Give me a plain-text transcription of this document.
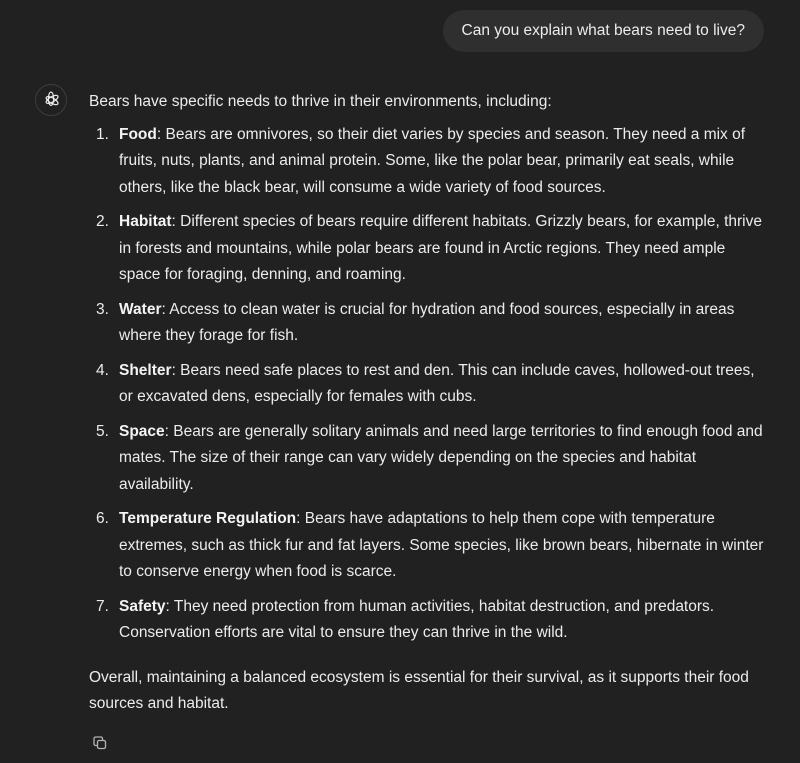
Can you explain what bears need to live?

Bears have specific needs to thrive in their environments, including:

1. Food: Bears are omnivores, so their diet varies by species and season. They need a mix of fruits, nuts, plants, and animal protein. Some, like the polar bear, primarily eat seals, while others, like the black bear, will consume a wide variety of food sources.
2. Habitat: Different species of bears require different habitats. Grizzly bears, for example, thrive in forests and mountains, while polar bears are found in Arctic regions. They need ample space for foraging, denning, and roaming.
3. Water: Access to clean water is crucial for hydration and food sources, especially in areas where they forage for fish.
4. Shelter: Bears need safe places to rest and den. This can include caves, hollowed-out trees, or excavated dens, especially for females with cubs.
5. Space: Bears are generally solitary animals and need large territories to find enough food and mates. The size of their range can vary widely depending on the species and habitat availability.
6. Temperature Regulation: Bears have adaptations to help them cope with temperature extremes, such as thick fur and fat layers. Some species, like brown bears, hibernate in winter to conserve energy when food is scarce.
7. Safety: They need protection from human activities, habitat destruction, and predators. Conservation efforts are vital to ensure they can thrive in the wild.

Overall, maintaining a balanced ecosystem is essential for their survival, as it supports their food sources and habitat.
